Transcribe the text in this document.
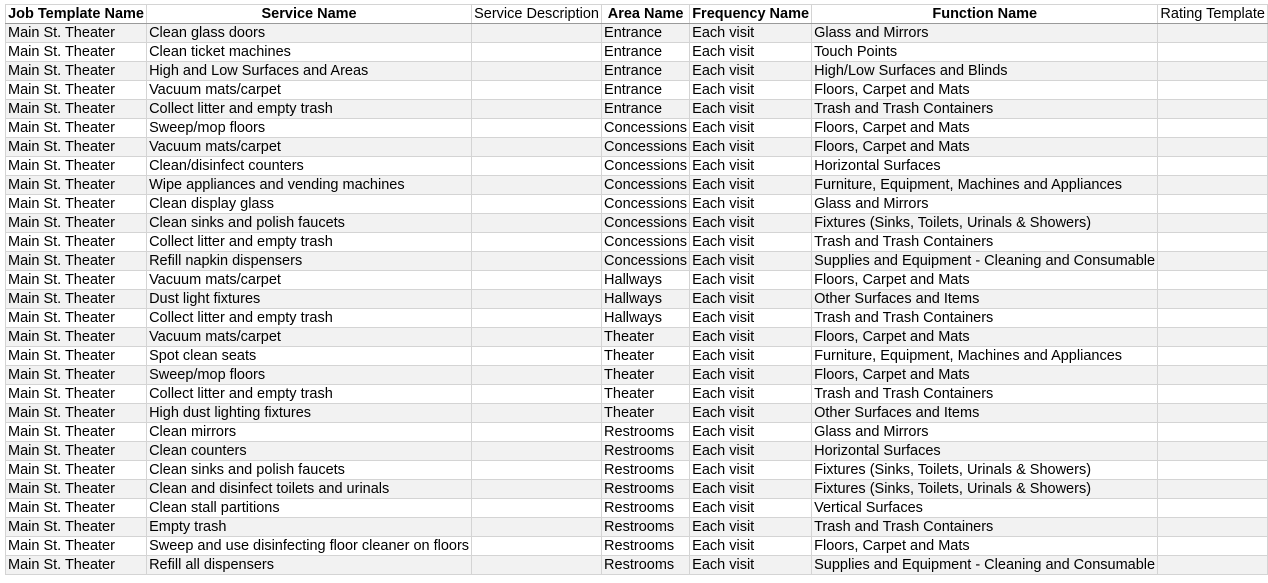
Job Template Name	Service Name	Service Description	Area Name	Frequency Name	Function Name	Rating Template
Main St. Theater	Clean glass doors		Entrance	Each visit	Glass and Mirrors	
Main St. Theater	Clean ticket machines		Entrance	Each visit	Touch Points	
Main St. Theater	High and Low Surfaces and Areas		Entrance	Each visit	High/Low Surfaces and Blinds	
Main St. Theater	Vacuum mats/carpet		Entrance	Each visit	Floors, Carpet and Mats	
Main St. Theater	Collect litter and empty trash		Entrance	Each visit	Trash and Trash Containers	
Main St. Theater	Sweep/mop floors		Concessions	Each visit	Floors, Carpet and Mats	
Main St. Theater	Vacuum mats/carpet		Concessions	Each visit	Floors, Carpet and Mats	
Main St. Theater	Clean/disinfect counters		Concessions	Each visit	Horizontal Surfaces	
Main St. Theater	Wipe appliances and vending machines		Concessions	Each visit	Furniture, Equipment, Machines and Appliances	
Main St. Theater	Clean display glass		Concessions	Each visit	Glass and Mirrors	
Main St. Theater	Clean sinks and polish faucets		Concessions	Each visit	Fixtures (Sinks, Toilets, Urinals & Showers)	
Main St. Theater	Collect litter and empty trash		Concessions	Each visit	Trash and Trash Containers	
Main St. Theater	Refill napkin dispensers		Concessions	Each visit	Supplies and Equipment - Cleaning and Consumable	
Main St. Theater	Vacuum mats/carpet		Hallways	Each visit	Floors, Carpet and Mats	
Main St. Theater	Dust light fixtures		Hallways	Each visit	Other Surfaces and Items	
Main St. Theater	Collect litter and empty trash		Hallways	Each visit	Trash and Trash Containers	
Main St. Theater	Vacuum mats/carpet		Theater	Each visit	Floors, Carpet and Mats	
Main St. Theater	Spot clean seats		Theater	Each visit	Furniture, Equipment, Machines and Appliances	
Main St. Theater	Sweep/mop floors		Theater	Each visit	Floors, Carpet and Mats	
Main St. Theater	Collect litter and empty trash		Theater	Each visit	Trash and Trash Containers	
Main St. Theater	High dust lighting fixtures		Theater	Each visit	Other Surfaces and Items	
Main St. Theater	Clean mirrors		Restrooms	Each visit	Glass and Mirrors	
Main St. Theater	Clean counters		Restrooms	Each visit	Horizontal Surfaces	
Main St. Theater	Clean sinks and polish faucets		Restrooms	Each visit	Fixtures (Sinks, Toilets, Urinals & Showers)	
Main St. Theater	Clean and disinfect toilets and urinals		Restrooms	Each visit	Fixtures (Sinks, Toilets, Urinals & Showers)	
Main St. Theater	Clean stall partitions		Restrooms	Each visit	Vertical Surfaces	
Main St. Theater	Empty trash		Restrooms	Each visit	Trash and Trash Containers	
Main St. Theater	Sweep and use disinfecting floor cleaner on floors		Restrooms	Each visit	Floors, Carpet and Mats	
Main St. Theater	Refill all dispensers		Restrooms	Each visit	Supplies and Equipment - Cleaning and Consumable	
